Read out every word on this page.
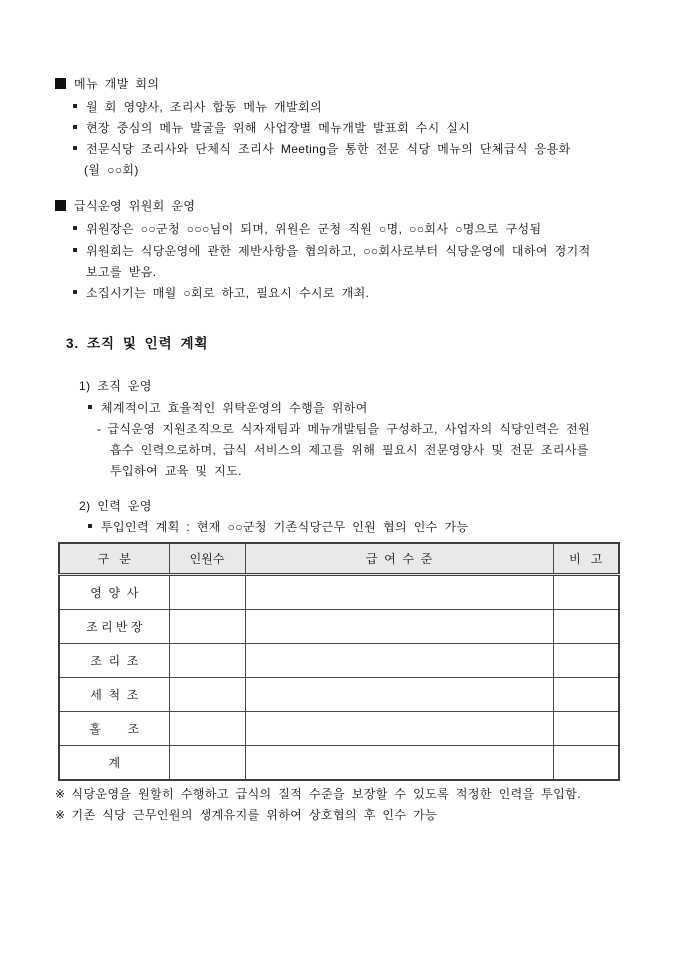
메뉴 개발 회의
월 회 영양사, 조리사 합동 메뉴 개발회의
현장 중심의 메뉴 발굴을 위해 사업장별 메뉴개발 발표회 수시 실시
전문식당 조리사와 단체식 조리사 Meeting을 통한 전문 식당 메뉴의 단체급식 응용화
(월 ○○회)
급식운영 위원회 운영
위원장은 ○○군청 ○○○님이 되며, 위원은 군청 직원 ○명, ○○회사 ○명으로 구성됨
위원회는 식당운영에 관한 제반사항을 협의하고, ○○회사로부터 식당운영에 대하여 정기적
보고를 받음.
소집시기는 매월 ○회로 하고, 필요시 수시로 개최.
3. 조직 및 인력 계획
1) 조직 운영
체계적이고 효율적인 위탁운영의 수행을 위하여
- 급식운영 지원조직으로 식자재팀과 메뉴개발팀을 구성하고, 사업자의 식당인력은 전원
흡수 인력으로하며, 급식 서비스의 제고를 위해 필요시 전문영양사 및 전문 조리사를
투입하여 교육 및 지도.
2) 인력 운영
투입인력 계획 : 현재 ○○군청 기존식당근무 인원 협의 인수 가능
구   분	인원수	급  여  수  준	비   고
영  양  사			
조 리 반 장			
조  리  조			
세  척  조			
홀        조			
계			
※ 식당운영을 원할히 수행하고 급식의 질적 수준을 보장할 수 있도록 적정한 인력을 투입함.
※ 기존 식당 근무인원의 생계유지를 위하여 상호협의 후 인수 가능
